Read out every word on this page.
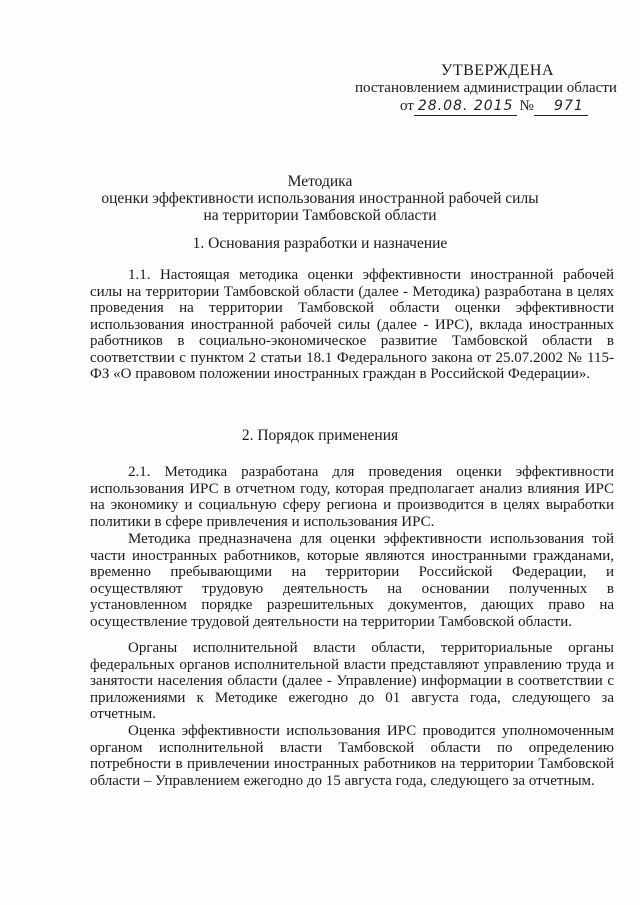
УТВЕРЖДЕНА
постановлением администрации области
от 28.08. 2015 №	971
Методика
оценки эффективности использования иностранной рабочей силы
на территории Тамбовской области
1. Основания разработки и назначение

1.1. Настоящая методика оценки эффективности иностранной рабочей силы на территории Тамбовской области (далее - Методика) разработана в целях проведения на территории Тамбовской области оценки эффективности использования иностранной рабочей силы (далее - ИРС), вклада иностранных работников в социально-экономическое развитие Тамбовской области в соответствии с пунктом 2 статьи 18.1 Федерального закона от 25.07.2002 № 115-ФЗ «О правовом положении иностранных граждан в Российской Федерации».

2. Порядок применения

2.1. Методика разработана для проведения оценки эффективности использования ИРС в отчетном году, которая предполагает анализ влияния ИРС на экономику и социальную сферу региона и производится в целях выработки политики в сфере привлечения и использования ИРС.

Методика предназначена для оценки эффективности использования той части иностранных работников, которые являются иностранными гражданами, временно пребывающими на территории Российской Федерации, и осуществляют трудовую деятельность на основании полученных в установленном порядке разрешительных документов, дающих право на осуществление трудовой деятельности на территории Тамбовской области.

Органы исполнительной власти области, территориальные органы федеральных органов исполнительной власти представляют управлению труда и занятости населения области (далее - Управление) информации в соответствии с приложениями к Методике ежегодно до 01 августа года, следующего за отчетным.

Оценка эффективности использования ИРС проводится уполномоченным органом исполнительной власти Тамбовской области по определению потребности в привлечении иностранных работников на территории Тамбовской области – Управлением ежегодно до 15 августа года, следующего за отчетным.
